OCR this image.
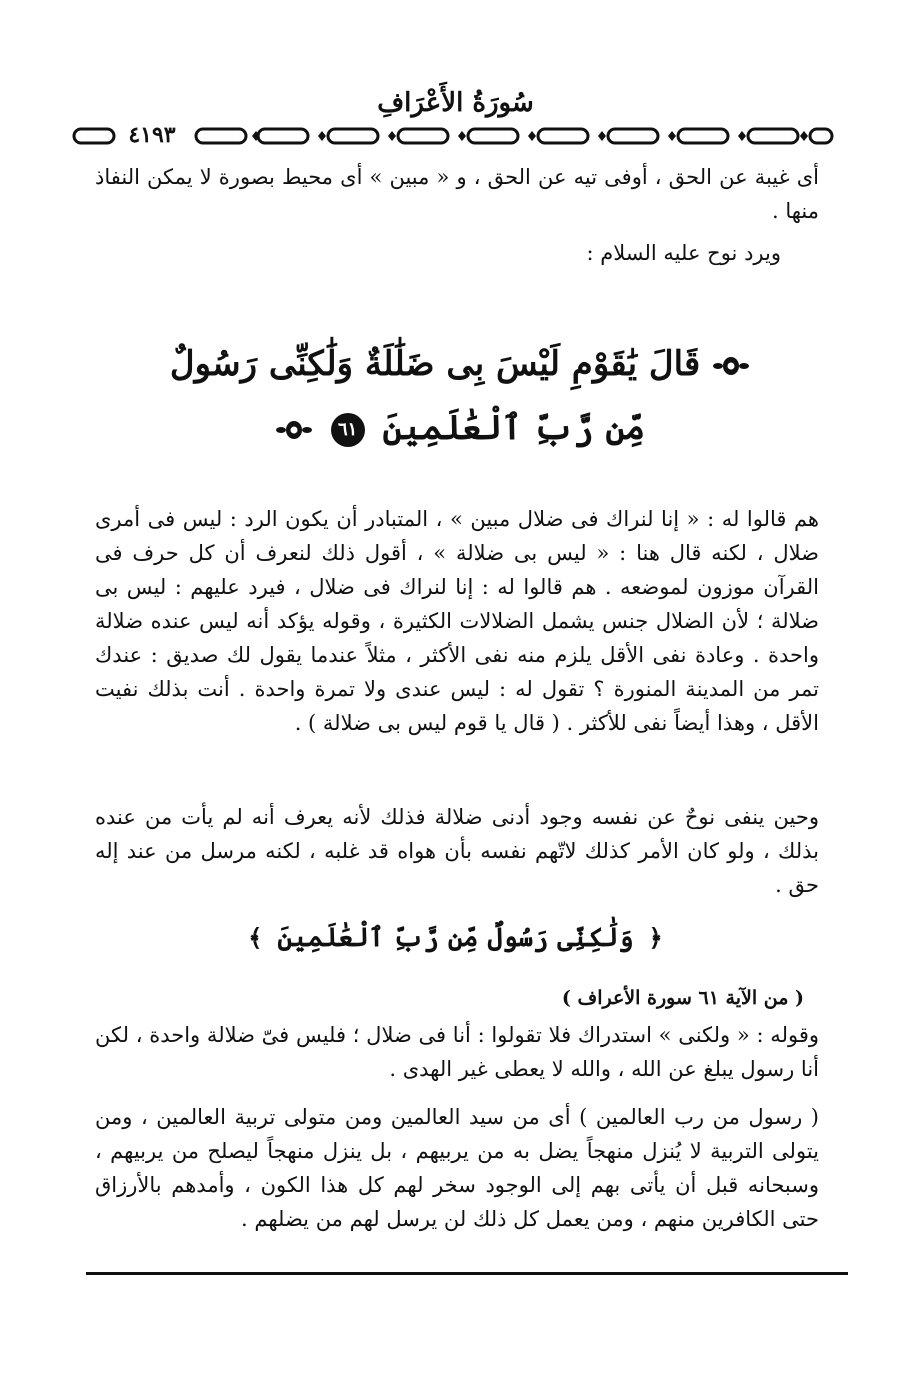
سُورَةُ الأَعْرَافِ
٤١٩٣
أى غيبة عن الحق ، أوفى تيه عن الحق ، و « مبين » أى محيط بصورة لا يمكن النفاذ منها .
ويرد نوح عليه السلام :
قَالَ يَٰقَوْمِ لَيْسَ بِى ضَلَٰلَةٌ وَلَٰكِنِّى رَسُولٌ
مِّن رَّبِّ ٱلْعَٰلَمِينَ ٦١
هم قالوا له : « إنا لنراك فى ضلال مبين » ، المتبادر أن يكون الرد : ليس فى أمرى ضلال ، لكنه قال هنا : « ليس بى ضلالة » ، أقول ذلك لنعرف أن كل حرف فى القرآن موزون لموضعه . هم قالوا له : إنا لنراك فى ضلال ، فيرد عليهم : ليس بى ضلالة ؛ لأن الضلال جنس يشمل الضلالات الكثيرة ، وقوله يؤكد أنه ليس عنده ضلالة واحدة . وعادة نفى الأقل يلزم منه نفى الأكثر ، مثلاً عندما يقول لك صديق : عندك تمر من المدينة المنورة ؟ تقول له : ليس عندى ولا تمرة واحدة . أنت بذلك نفيت الأقل ، وهذا أيضاً نفى للأكثر . ( قال يا قوم ليس بى ضلالة ) .
وحين ينفى نوحٌ عن نفسه وجود أدنى ضلالة فذلك لأنه يعرف أنه لم يأت من عنده بذلك ، ولو كان الأمر كذلك لاتّهم نفسه بأن هواه قد غلبه ، لكنه مرسل من عند إله حق .
﴿ وَلَٰكِنِّى رَسُولٌ مِّن رَّبِّ ٱلْعَٰلَمِينَ ﴾
( من الآية ٦١ سورة الأعراف )
وقوله : « ولكنى » استدراك فلا تقولوا : أنا فى ضلال ؛ فليس فىّ ضلالة واحدة ، لكن أنا رسول يبلغ عن الله ، والله لا يعطى غير الهدى .
( رسول من رب العالمين ) أى من سيد العالمين ومن متولى تربية العالمين ، ومن يتولى التربية لا يُنزل منهجاً يضل به من يربيهم ، بل ينزل منهجاً ليصلح من يربيهم ، وسبحانه قبل أن يأتى بهم إلى الوجود سخر لهم كل هذا الكون ، وأمدهم بالأرزاق حتى الكافرين منهم ، ومن يعمل كل ذلك لن يرسل لهم من يضلهم .
